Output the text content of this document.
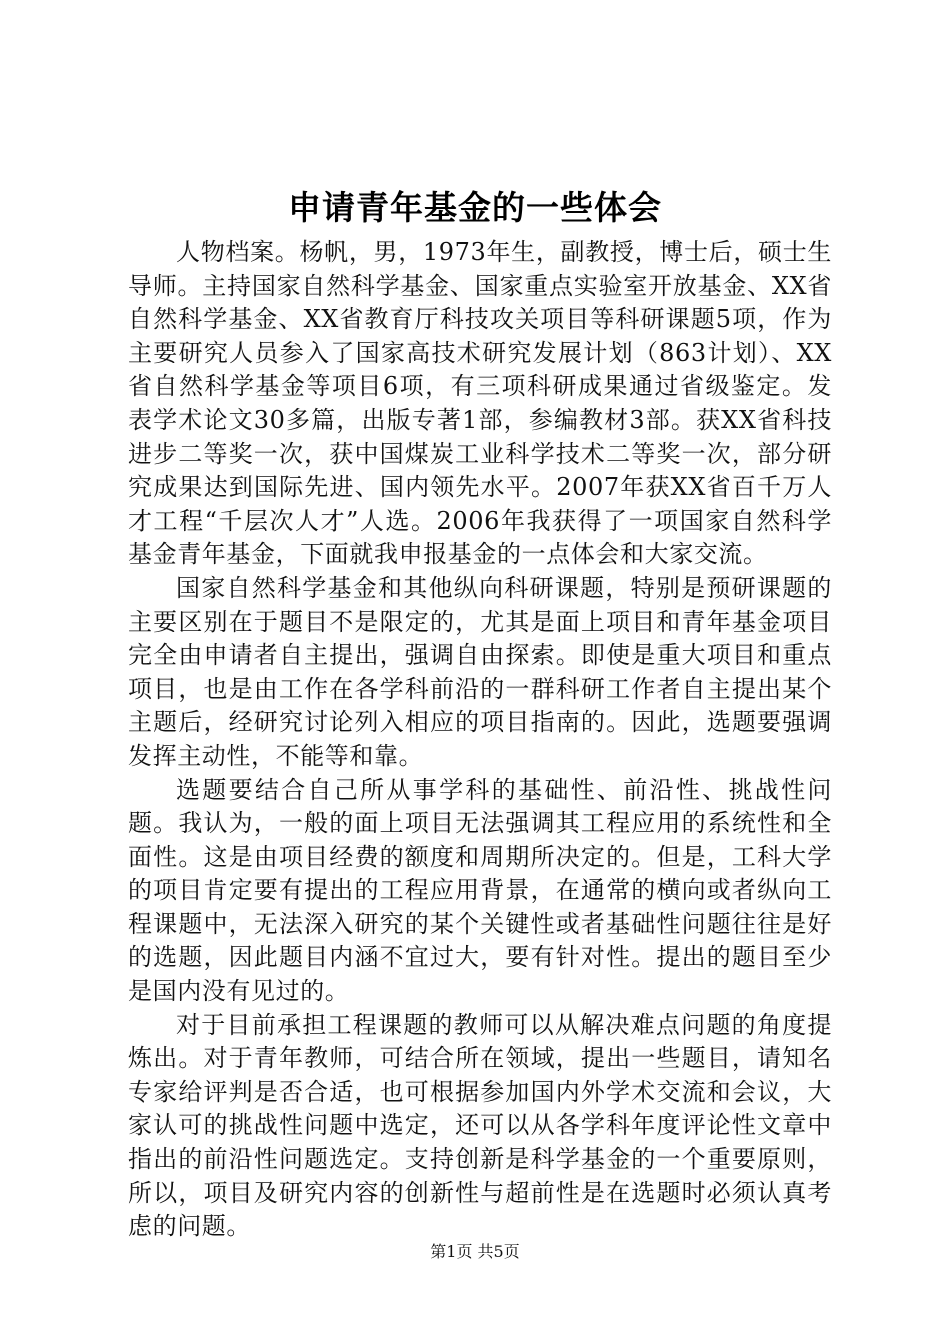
申请青年基金的一些体会

人物档案。杨帆，男，1973年生，副教授，博士后，硕士生导师。主持国家自然科学基金、国家重点实验室开放基金、XX省自然科学基金、XX省教育厅科技攻关项目等科研课题5项，作为主要研究人员参入了国家高技术研究发展计划（863计划）、XX省自然科学基金等项目6项，有三项科研成果通过省级鉴定。发表学术论文30多篇，出版专著1部，参编教材3部。获XX省科技进步二等奖一次，获中国煤炭工业科学技术二等奖一次，部分研究成果达到国际先进、国内领先水平。2007年获XX省百千万人才工程“千层次人才”人选。2006年我获得了一项国家自然科学基金青年基金，下面就我申报基金的一点体会和大家交流。

国家自然科学基金和其他纵向科研课题，特别是预研课题的主要区别在于题目不是限定的，尤其是面上项目和青年基金项目完全由申请者自主提出，强调自由探索。即使是重大项目和重点项目，也是由工作在各学科前沿的一群科研工作者自主提出某个主题后，经研究讨论列入相应的项目指南的。因此，选题要强调发挥主动性，不能等和靠。

选题要结合自己所从事学科的基础性、前沿性、挑战性问题。我认为，一般的面上项目无法强调其工程应用的系统性和全面性。这是由项目经费的额度和周期所决定的。但是，工科大学的项目肯定要有提出的工程应用背景，在通常的横向或者纵向工程课题中，无法深入研究的某个关键性或者基础性问题往往是好的选题，因此题目内涵不宜过大，要有针对性。提出的题目至少是国内没有见过的。

对于目前承担工程课题的教师可以从解决难点问题的角度提炼出。对于青年教师，可结合所在领域，提出一些题目，请知名专家给评判是否合适，也可根据参加国内外学术交流和会议，大家认可的挑战性问题中选定，还可以从各学科年度评论性文章中指出的前沿性问题选定。支持创新是科学基金的一个重要原则，所以，项目及研究内容的创新性与超前性是在选题时必须认真考虑的问题。

第1页 共5页
